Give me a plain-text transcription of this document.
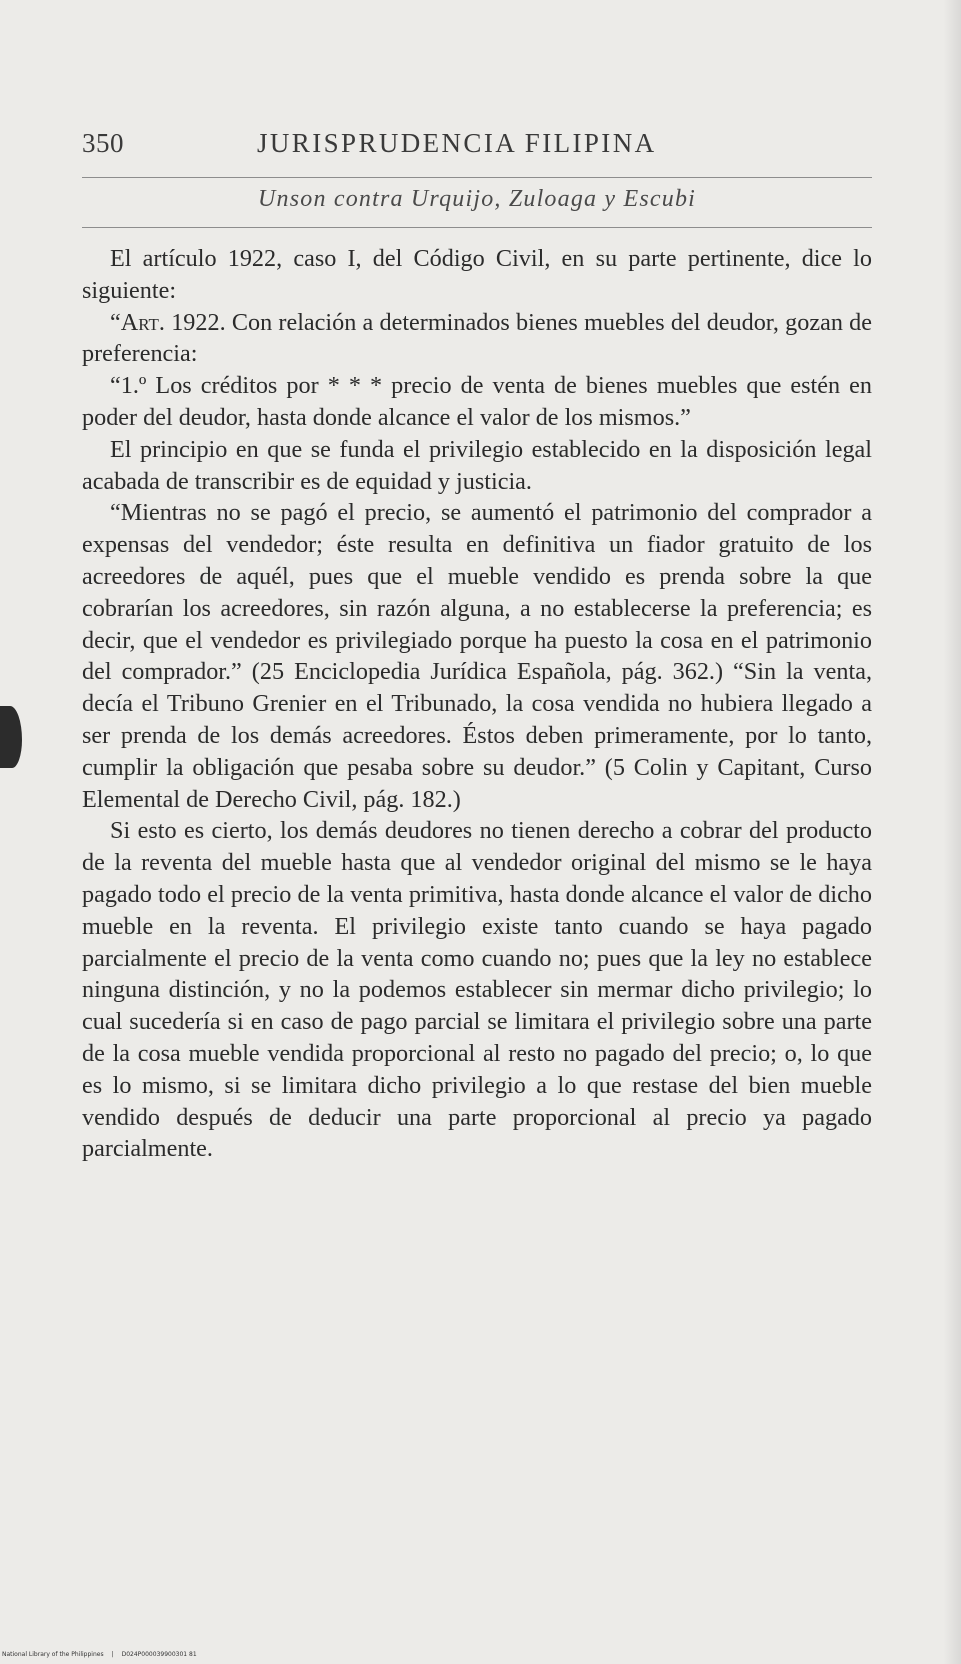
350	JURISPRUDENCIA FILIPINA
Unson contra Urquijo, Zuloaga y Escubi

El artículo 1922, caso I, del Código Civil, en su parte pertinente, dice lo siguiente:

“Art. 1922. Con relación a determinados bienes muebles del deudor, gozan de preferencia:

“1.º Los créditos por * * * precio de venta de bienes muebles que estén en poder del deudor, hasta donde alcance el valor de los mismos.”

El principio en que se funda el privilegio establecido en la disposición legal acabada de transcribir es de equidad y justicia.

“Mientras no se pagó el precio, se aumentó el patrimonio del comprador a expensas del vendedor; éste resulta en definitiva un fiador gratuito de los acreedores de aquél, pues que el mueble vendido es prenda sobre la que cobrarían los acreedores, sin razón alguna, a no establecerse la preferencia; es decir, que el vendedor es privilegiado porque ha puesto la cosa en el patrimonio del comprador.” (25 Enciclopedia Jurídica Española, pág. 362.) “Sin la venta, decía el Tribuno Grenier en el Tribunado, la cosa vendida no hubiera llegado a ser prenda de los demás acreedores. Éstos deben primeramente, por lo tanto, cumplir la obligación que pesaba sobre su deudor.” (5 Colin y Capitant, Curso Elemental de Derecho Civil, pág. 182.)

Si esto es cierto, los demás deudores no tienen derecho a cobrar del producto de la reventa del mueble hasta que al vendedor original del mismo se le haya pagado todo el precio de la venta primitiva, hasta donde alcance el valor de dicho mueble en la reventa. El privilegio existe tanto cuando se haya pagado parcialmente el precio de la venta como cuando no; pues que la ley no establece ninguna distinción, y no la podemos establecer sin mermar dicho privilegio; lo cual sucedería si en caso de pago parcial se limitara el privilegio sobre una parte de la cosa mueble vendida proporcional al resto no pagado del precio; o, lo que es lo mismo, si se limitara dicho privilegio a lo que restase del bien mueble vendido después de deducir una parte proporcional al precio ya pagado parcialmente.

National Library of the Philippines | D024P000039900301 81
